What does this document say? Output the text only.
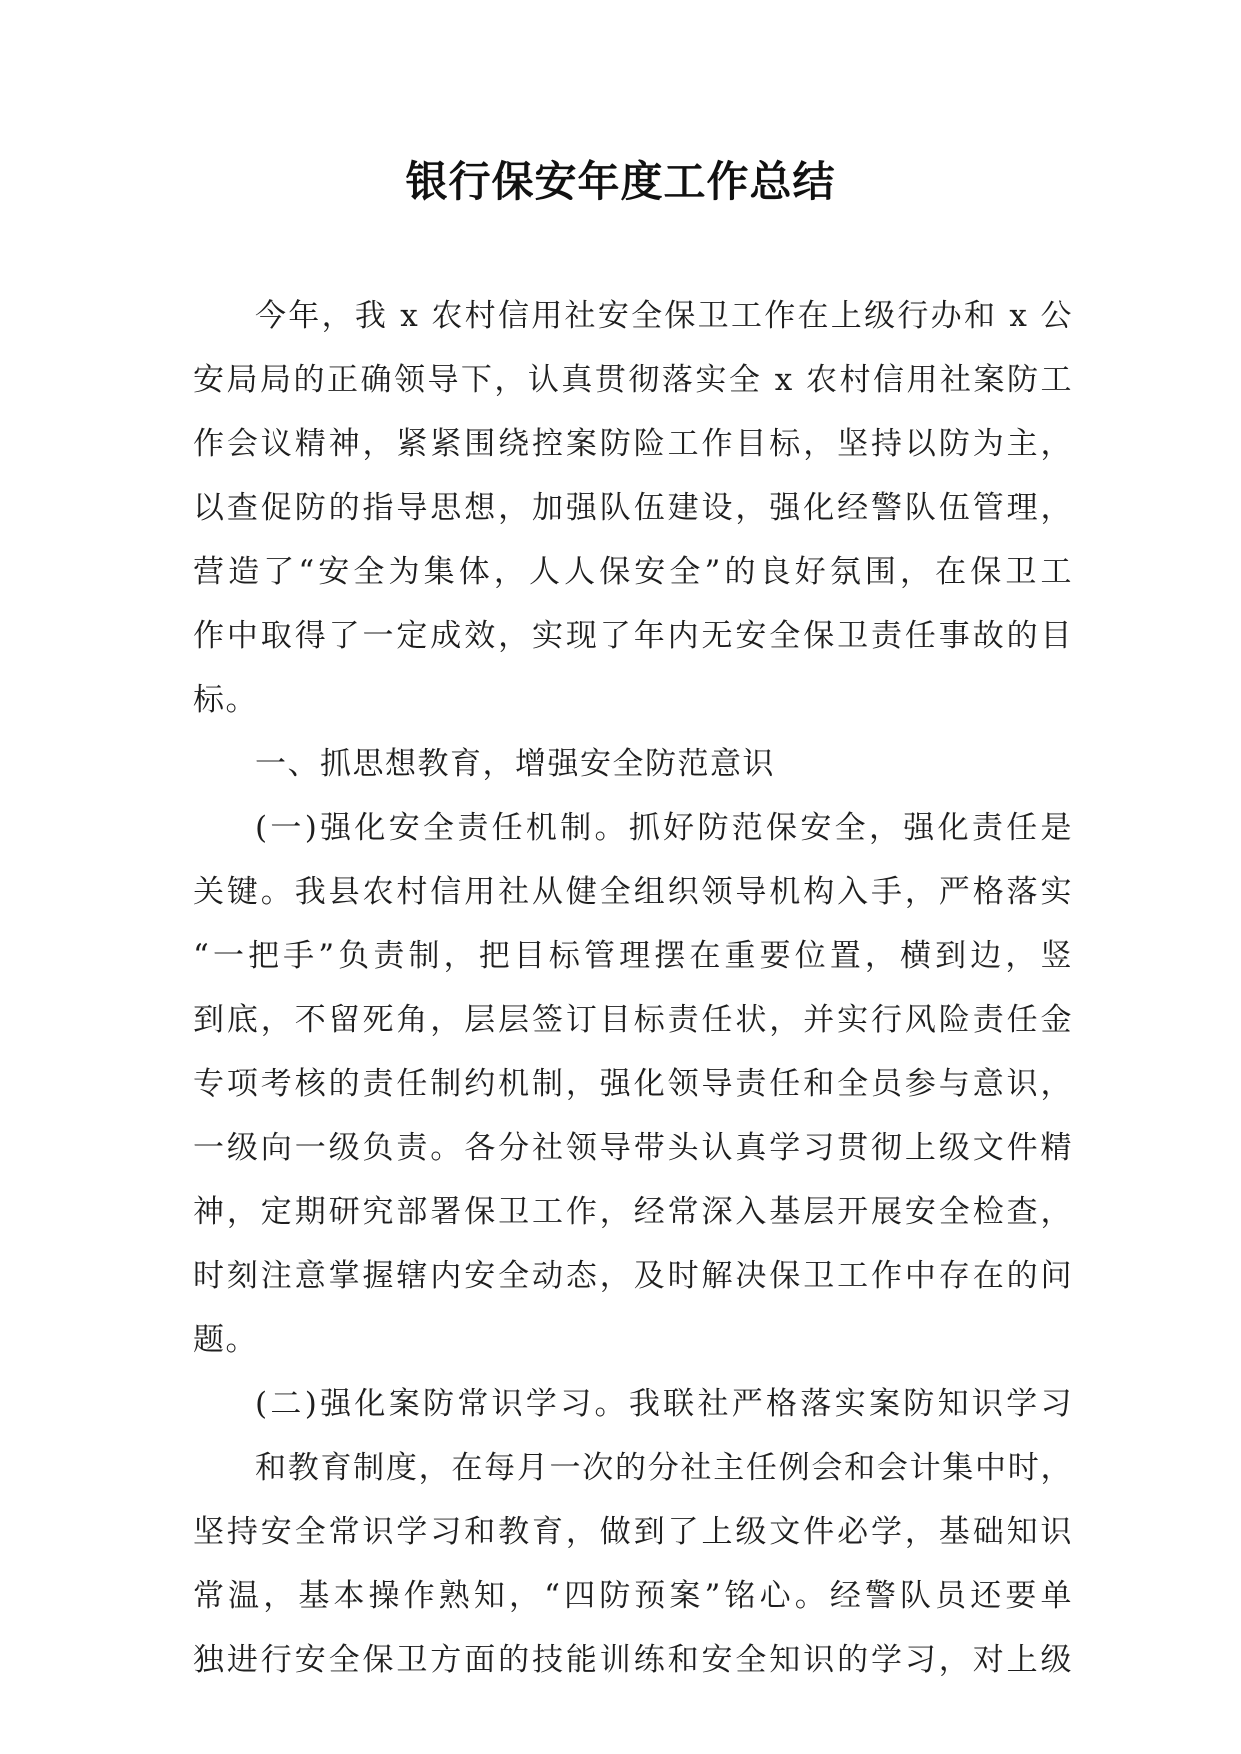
银行保安年度工作总结
今年，我 x 农村信用社安全保卫工作在上级行办和 x 公
安局局的正确领导下，认真贯彻落实全 x 农村信用社案防工
作会议精神，紧紧围绕控案防险工作目标，坚持以防为主，
以查促防的指导思想，加强队伍建设，强化经警队伍管理，
营造了“安全为集体，人人保安全”的良好氛围，在保卫工
作中取得了一定成效，实现了年内无安全保卫责任事故的目
标。
一、抓思想教育，增强安全防范意识
(一)强化安全责任机制。抓好防范保安全，强化责任是
关键。我县农村信用社从健全组织领导机构入手，严格落实
“一把手”负责制，把目标管理摆在重要位置，横到边，竖
到底，不留死角，层层签订目标责任状，并实行风险责任金
专项考核的责任制约机制，强化领导责任和全员参与意识，
一级向一级负责。各分社领导带头认真学习贯彻上级文件精
神，定期研究部署保卫工作，经常深入基层开展安全检查，
时刻注意掌握辖内安全动态，及时解决保卫工作中存在的问
题。
(二)强化案防常识学习。我联社严格落实案防知识学习
和教育制度，在每月一次的分社主任例会和会计集中时，
坚持安全常识学习和教育，做到了上级文件必学，基础知识
常温，基本操作熟知，“四防预案”铭心。经警队员还要单
独进行安全保卫方面的技能训练和安全知识的学习，对上级
